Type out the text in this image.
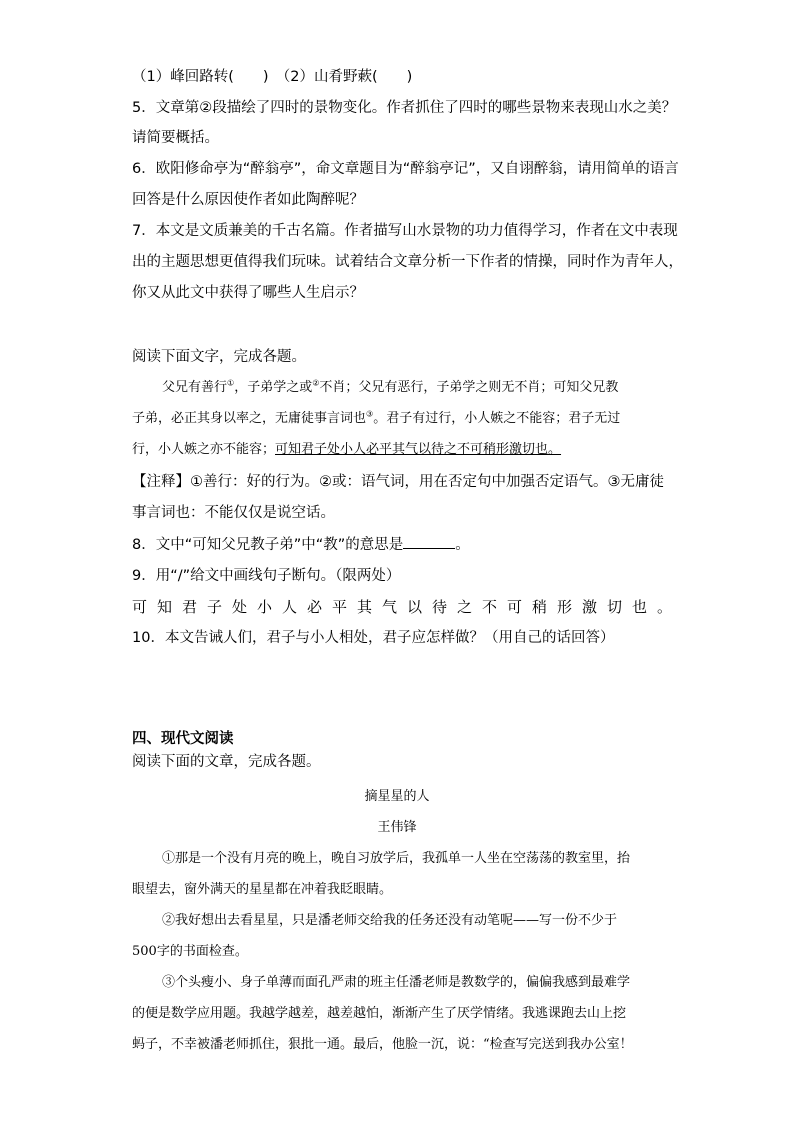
（1）峰回路转(　　)　（2）山肴野蔌(　　)
5．文章第②段描绘了四时的景物变化。作者抓住了四时的哪些景物来表现山水之美？
请简要概括。
6．欧阳修命亭为“醉翁亭”，命文章题目为“醉翁亭记”，又自诩醉翁，请用简单的语言
回答是什么原因使作者如此陶醉呢？
7．本文是文质兼美的千古名篇。作者描写山水景物的功力值得学习，作者在文中表现
出的主题思想更值得我们玩味。试着结合文章分析一下作者的情操，同时作为青年人，
你又从此文中获得了哪些人生启示？
阅读下面文字，完成各题。
父兄有善行①，子弟学之或②不肖；父兄有恶行，子弟学之则无不肖；可知父兄教
子弟，必正其身以率之，无庸徒事言词也③。君子有过行，小人嫉之不能容；君子无过
行，小人嫉之亦不能容；可知君子处小人必平其气以待之不可稍形激切也。
【注释】①善行：好的行为。②或：语气词，用在否定句中加强否定语气。③无庸徒
事言词也：不能仅仅是说空话。
8．文中“可知父兄教子弟”中“教”的意思是	。
9．用“/”给文中画线句子断句。（限两处）
可知君子处小人必平其气以待之不可稍形激切也。
10．本文告诫人们，君子与小人相处，君子应怎样做？（用自己的话回答）
四、现代文阅读
阅读下面的文章，完成各题。
摘星星的人
王伟锋
①那是一个没有月亮的晚上，晚自习放学后，我孤单一人坐在空荡荡的教室里，抬
眼望去，窗外满天的星星都在冲着我眨眼睛。
②我好想出去看星星，只是潘老师交给我的任务还没有动笔呢——写一份不少于
500字的书面检查。
③个头瘦小、身子单薄而面孔严肃的班主任潘老师是教数学的，偏偏我感到最难学
的便是数学应用题。我越学越差，越差越怕，渐渐产生了厌学情绪。我逃课跑去山上挖
蚂子，不幸被潘老师抓住，狠批一通。最后，他脸一沉，说：“检查写完送到我办公室！
